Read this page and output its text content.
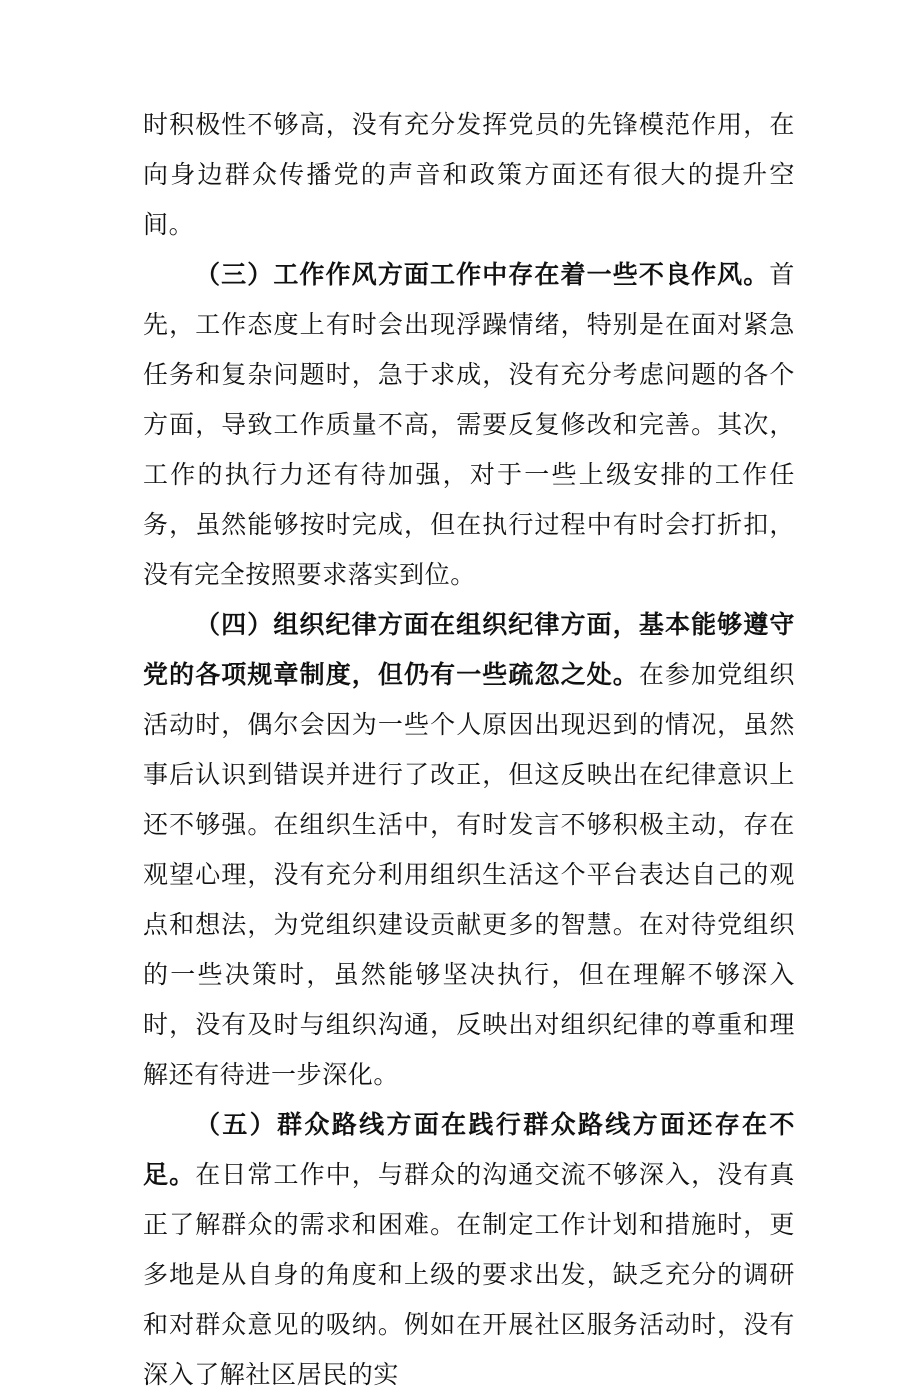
时积极性不够高，没有充分发挥党员的先锋模范作用，在向身边群众传播党的声音和政策方面还有很大的提升空间。

（三）工作作风方面工作中存在着一些不良作风。首先，工作态度上有时会出现浮躁情绪，特别是在面对紧急任务和复杂问题时，急于求成，没有充分考虑问题的各个方面，导致工作质量不高，需要反复修改和完善。其次，工作的执行力还有待加强，对于一些上级安排的工作任务，虽然能够按时完成，但在执行过程中有时会打折扣，没有完全按照要求落实到位。

（四）组织纪律方面在组织纪律方面，基本能够遵守党的各项规章制度，但仍有一些疏忽之处。在参加党组织活动时，偶尔会因为一些个人原因出现迟到的情况，虽然事后认识到错误并进行了改正，但这反映出在纪律意识上还不够强。在组织生活中，有时发言不够积极主动，存在观望心理，没有充分利用组织生活这个平台表达自己的观点和想法，为党组织建设贡献更多的智慧。在对待党组织的一些决策时，虽然能够坚决执行，但在理解不够深入时，没有及时与组织沟通，反映出对组织纪律的尊重和理解还有待进一步深化。

（五）群众路线方面在践行群众路线方面还存在不足。在日常工作中，与群众的沟通交流不够深入，没有真正了解群众的需求和困难。在制定工作计划和措施时，更多地是从自身的角度和上级的要求出发，缺乏充分的调研和对群众意见的吸纳。例如在开展社区服务活动时，没有深入了解社区居民的实
